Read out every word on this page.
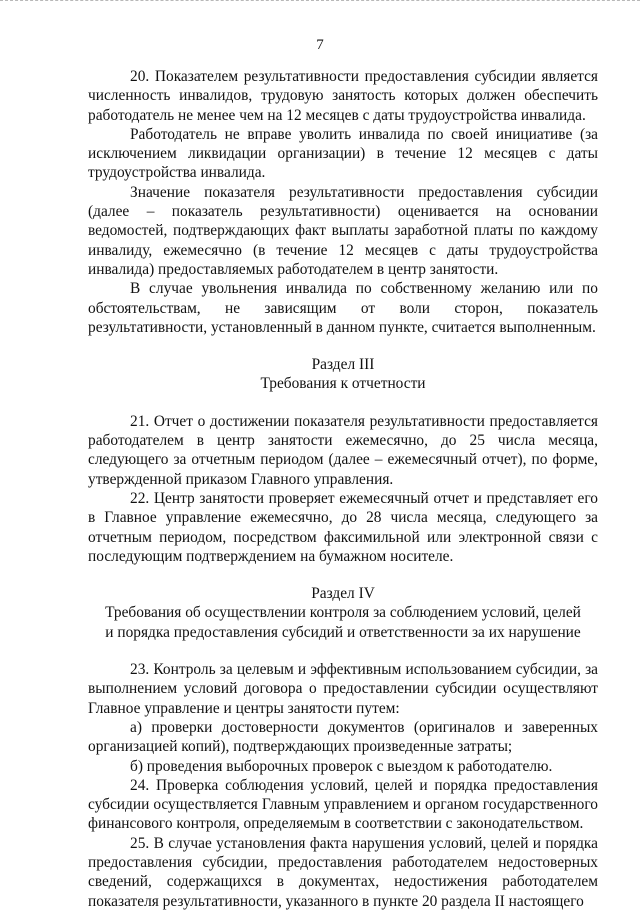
7

20. Показателем результативности предоставления субсидии является численность инвалидов, трудовую занятость которых должен обеспечить работодатель не менее чем на 12 месяцев с даты трудоустройства инвалида.

Работодатель не вправе уволить инвалида по своей инициативе (за исключением ликвидации организации) в течение 12 месяцев с даты трудоустройства инвалида.

Значение показателя результативности предоставления субсидии (далее – показатель результативности) оценивается на основании ведомостей, подтверждающих факт выплаты заработной платы по каждому инвалиду, ежемесячно (в течение 12 месяцев с даты трудоустройства инвалида) предоставляемых работодателем в центр занятости.

В случае увольнения инвалида по собственному желанию или по обстоятельствам, не зависящим от воли сторон, показатель результативности, установленный в данном пункте, считается выполненным.

Раздел III

Требования к отчетности

21. Отчет о достижении показателя результативности предоставляется работодателем в центр занятости ежемесячно, до 25 числа месяца, следующего за отчетным периодом (далее – ежемесячный отчет), по форме, утвержденной приказом Главного управления.

22. Центр занятости проверяет ежемесячный отчет и представляет его в Главное управление ежемесячно, до 28 числа месяца, следующего за отчетным периодом, посредством факсимильной или электронной связи с последующим подтверждением на бумажном носителе.

Раздел IV

Требования об осуществлении контроля за соблюдением условий, целей

и порядка предоставления субсидий и ответственности за их нарушение

23. Контроль за целевым и эффективным использованием субсидии, за выполнением условий договора о предоставлении субсидии осуществляют Главное управление и центры занятости путем:

а) проверки достоверности документов (оригиналов и заверенных организацией копий), подтверждающих произведенные затраты;

б) проведения выборочных проверок с выездом к работодателю.

24. Проверка соблюдения условий, целей и порядка предоставления субсидии осуществляется Главным управлением и органом государственного финансового контроля, определяемым в соответствии с законодательством.

25. В случае установления факта нарушения условий, целей и порядка предоставления субсидии, предоставления работодателем недостоверных сведений, содержащихся в документах, недостижения работодателем показателя результативности, указанного в пункте 20 раздела II настоящего
